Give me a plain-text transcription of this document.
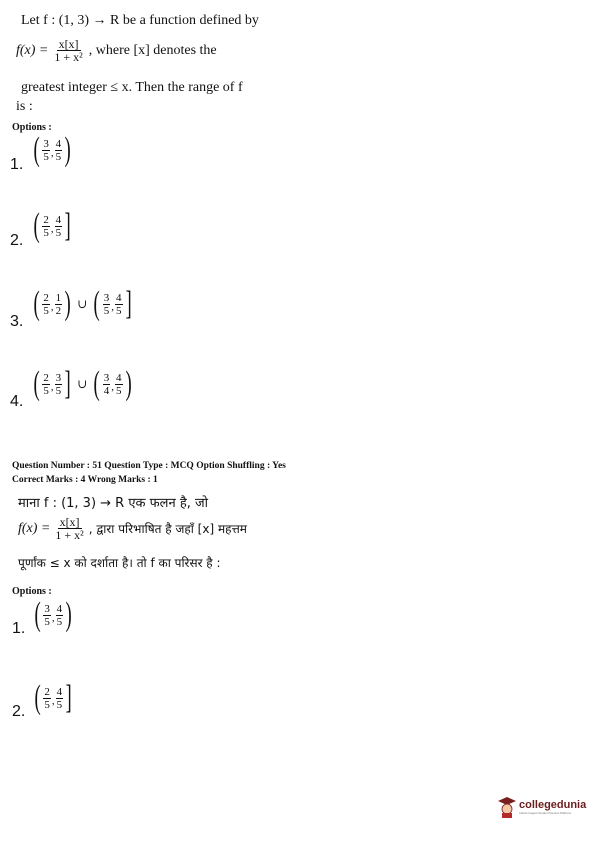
Let f : (1, 3) → R be a function defined by
$f(x) = \frac{x[x]}{\text{1 + x²}}$ , where [x] denotes the
greatest integer ≤ x. Then the range of f
is :
Options :
1. ( 3
5 ,
4
5 )
2. ( 2
5 ,
4
5 ]
3. ( 2
5 ,
1
2 ) ∪ ( 3
5 ,
4
5 ]
4. ( 2
5 ,
3
5 ] ∪ ( 3
4 ,
4
5 )
Question Number : 51 Question Type : MCQ Option Shuffling : Yes
Correct Marks : 4 Wrong Marks : 1
माना f : (1, 3) → R एक फलन है, जो
$f(x) = \frac{x[x]}{\text{1 + x²}}$ , द्वारा परिभाषित है जहाँ [x] महत्तम
पूर्णांक ≤ x को दर्शाता है। तो f का परिसर है :
Options :
1. ( 3
5 ,
4
5 )
2. ( 2
5 ,
4
5 ]
collegedunia
India's largest Student Review Platform
